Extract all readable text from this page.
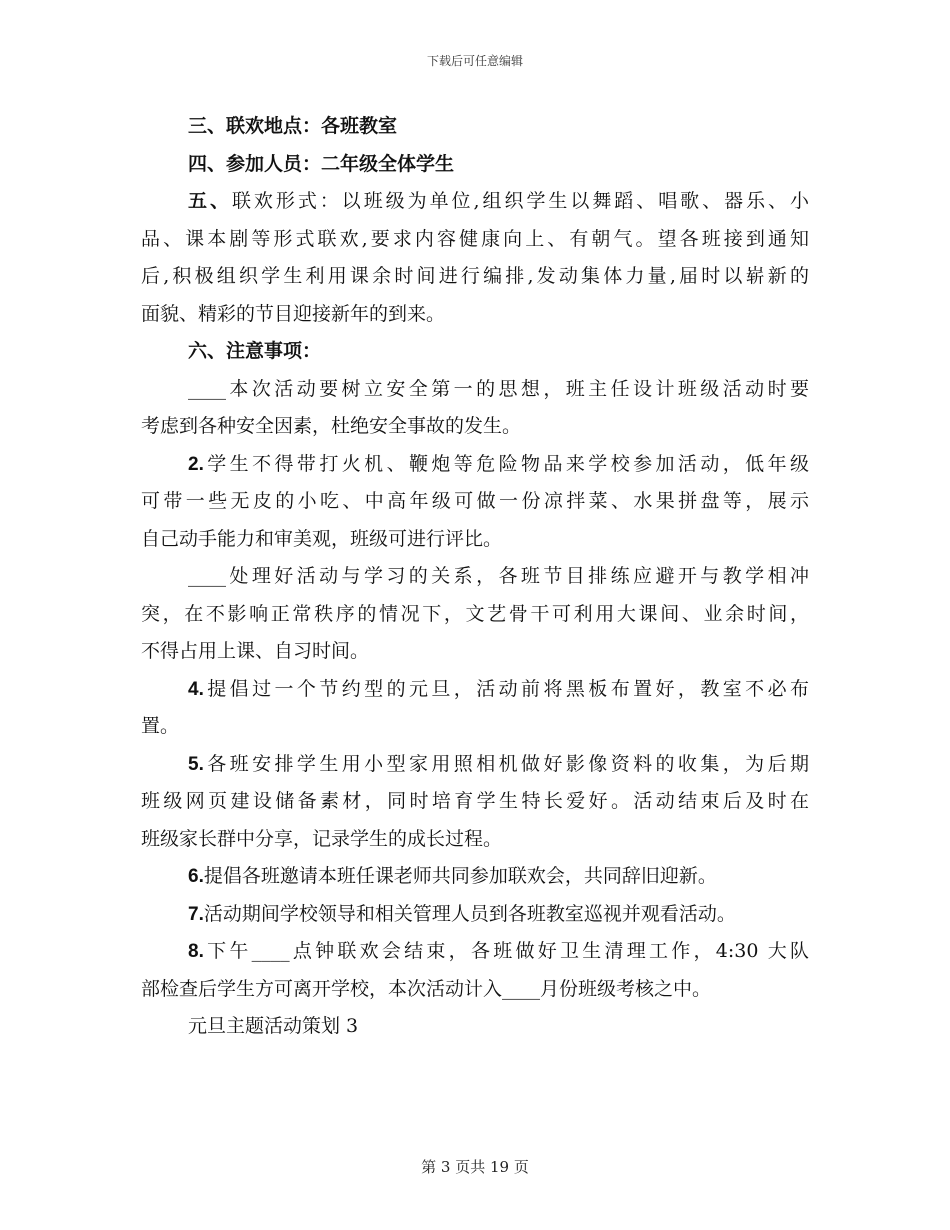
下载后可任意编辑
三、联欢地点：各班教室
四、参加人员：二年级全体学生
五、联欢形式：以班级为单位,组织学生以舞蹈、唱歌、器乐、小
品、课本剧等形式联欢,要求内容健康向上、有朝气。望各班接到通知
后,积极组织学生利用课余时间进行编排,发动集体力量,届时以崭新的
面貌、精彩的节目迎接新年的到来。
六、注意事项：
____本次活动要树立安全第一的思想，班主任设计班级活动时要
考虑到各种安全因素，杜绝安全事故的发生。
2.学生不得带打火机、鞭炮等危险物品来学校参加活动，低年级
可带一些无皮的小吃、中高年级可做一份凉拌菜、水果拼盘等，展示
自己动手能力和审美观，班级可进行评比。
____处理好活动与学习的关系，各班节目排练应避开与教学相冲
突，在不影响正常秩序的情况下，文艺骨干可利用大课间、业余时间，
不得占用上课、自习时间。
4.提倡过一个节约型的元旦，活动前将黑板布置好，教室不必布
置。
5.各班安排学生用小型家用照相机做好影像资料的收集，为后期
班级网页建设储备素材，同时培育学生特长爱好。活动结束后及时在
班级家长群中分享，记录学生的成长过程。
6.提倡各班邀请本班任课老师共同参加联欢会，共同辞旧迎新。
7.活动期间学校领导和相关管理人员到各班教室巡视并观看活动。
8.下午____点钟联欢会结束，各班做好卫生清理工作，4:30 大队
部检查后学生方可离开学校，本次活动计入____月份班级考核之中。
元旦主题活动策划 3
第 3 页共 19 页
